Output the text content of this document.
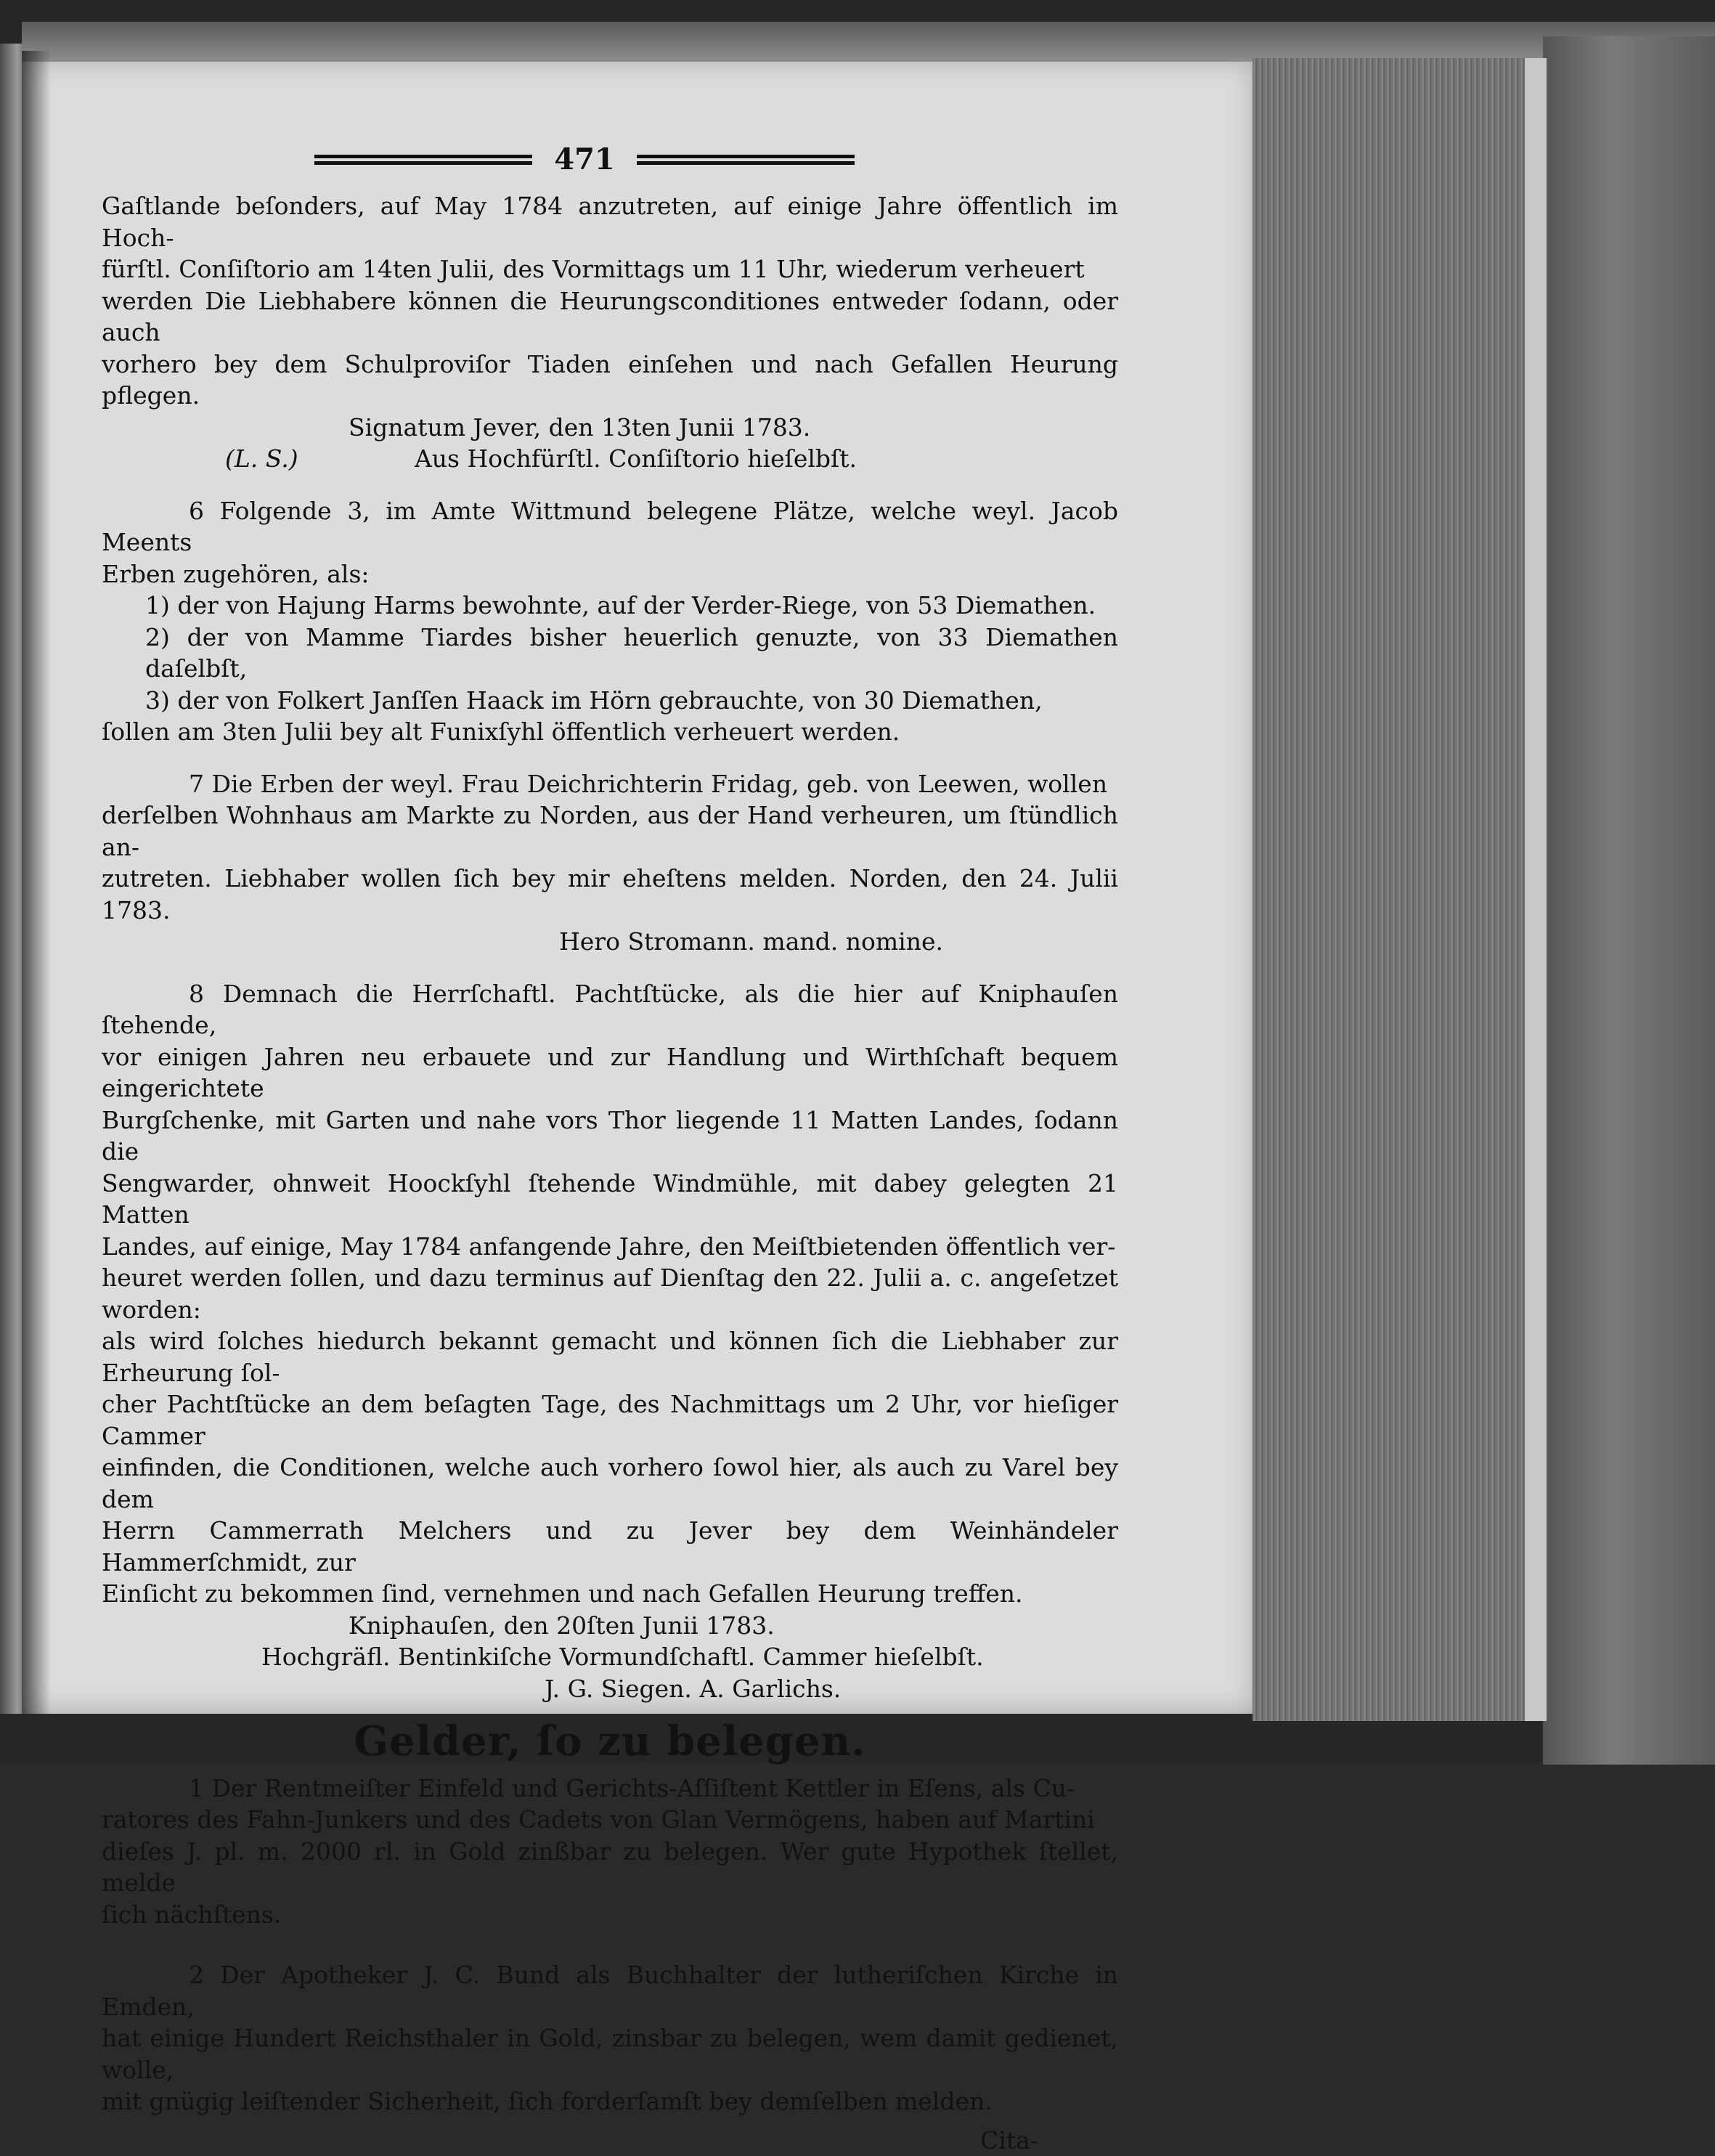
471

Gaſtlande beſonders, auf May 1784 anzutreten, auf einige Jahre öffentlich im Hoch-

fürſtl. Conſiſtorio am 14ten Julii, des Vormittags um 11 Uhr, wiederum verheuert

werden Die Liebhabere können die Heurungsconditiones entweder ſodann, oder auch

vorhero bey dem Schulproviſor Tiaden einſehen und nach Gefallen Heurung pflegen.

Signatum Jever, den 13ten Junii 1783.

(L. S.)	Aus Hochfürſtl. Conſiſtorio hieſelbſt.

6 Folgende 3, im Amte Wittmund belegene Plätze, welche weyl. Jacob Meents

Erben zugehören, als:

1) der von Hajung Harms bewohnte, auf der Verder-Riege, von 53 Diemathen.

2) der von Mamme Tiardes bisher heuerlich genuzte, von 33 Diemathen daſelbſt,

3) der von Folkert Janſſen Haack im Hörn gebrauchte, von 30 Diemathen,

ſollen am 3ten Julii bey alt Funixſyhl öffentlich verheuert werden.

7 Die Erben der weyl. Frau Deichrichterin Fridag, geb. von Leewen, wollen

derſelben Wohnhaus am Markte zu Norden, aus der Hand verheuren, um ſtündlich an-

zutreten. Liebhaber wollen ſich bey mir eheſtens melden. Norden, den 24. Julii 1783.

Hero Stromann. mand. nomine.

8 Demnach die Herrſchaftl. Pachtſtücke, als die hier auf Kniphauſen ſtehende,

vor einigen Jahren neu erbauete und zur Handlung und Wirthſchaft bequem eingerichtete

Burgſchenke, mit Garten und nahe vors Thor liegende 11 Matten Landes, ſodann die

Sengwarder, ohnweit Hoockſyhl ſtehende Windmühle, mit dabey gelegten 21 Matten

Landes, auf einige, May 1784 anfangende Jahre, den Meiſtbietenden öffentlich ver-

heuret werden ſollen, und dazu terminus auf Dienſtag den 22. Julii a. c. angeſetzet worden:

als wird ſolches hiedurch bekannt gemacht und können ſich die Liebhaber zur Erheurung ſol-

cher Pachtſtücke an dem beſagten Tage, des Nachmittags um 2 Uhr, vor hieſiger Cammer

einfinden, die Conditionen, welche auch vorhero ſowol hier, als auch zu Varel bey dem

Herrn Cammerrath Melchers und zu Jever bey dem Weinhändeler Hammerſchmidt, zur

Einſicht zu bekommen ſind, vernehmen und nach Gefallen Heurung treffen.

Kniphauſen, den 20ſten Junii 1783.

Hochgräfl. Bentinkiſche Vormundſchaftl. Cammer hieſelbſt.

J. G. Siegen. A. Garlichs.

Gelder, ſo zu belegen.

1 Der Rentmeiſter Einfeld und Gerichts-Aſſiſtent Kettler in Eſens, als Cu-

ratores des Fahn-Junkers und des Cadets von Glan Vermögens, haben auf Martini

dieſes J. pl. m. 2000 rl. in Gold zinßbar zu belegen. Wer gute Hypothek ſtellet, melde

ſich nächſtens.

2 Der Apotheker J. C. Bund als Buchhalter der lutheriſchen Kirche in Emden,

hat einige Hundert Reichsthaler in Gold, zinsbar zu belegen, wem damit gedienet, wolle,

mit gnügig leiſtender Sicherheit, ſich forderſamſt bey demſelben melden.

Cita-
